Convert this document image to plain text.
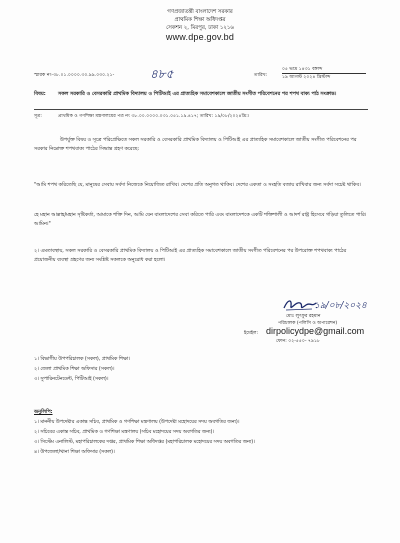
গণপ্রজাতন্ত্রী বাংলাদেশ সরকার
প্রাথমিক শিক্ষা অধিদপ্তর
সেকশন ২, মিরপুর, ঢাকা ১২১৬
www.dpe.gov.bd
স্মারক নং-৩৮.০১.০০০০.৩০.৯৯.০৩০.২১-	৪৮৫	তারিখ:
০৫ ভাদ্র ১৪৩১ বঙ্গাব্দ
১৯ আগস্ট ২০২৪ খ্রিস্টাব্দ
বিষয়:	সকল সরকারি ও বেসরকারি প্রাথমিক বিদ্যালয় ও পিটিআই এর প্রাত্যহিক সমাবেশকালে জাতীয় সংগীত পরিবেশনের পর শপথ বাক্য পাঠ সংক্রান্ত।
সূত্র:	প্রাথমিক ও গণশিক্ষা মন্ত্রণালয়ের পত্র নং ৩৮.০০.০০০০.০৩১.০৫১.১৯.৪১৭; তারিখ: ১৯/০৮/২০২৪খ্রি:।
উপর্যুক্ত বিষয় ও সূত্রে পরিপ্রেক্ষিতে সকল সরকারি ও বেসরকারি প্রাথমিক বিদ্যালয় ও পিটিআই এর প্রাত্যহিক সমাবেশকালে জাতীয় সংগীত পরিবেশনের পর সরকার নিম্নোক্ত শপথবাক্য পাঠের সিদ্ধান্ত গ্রহণ করেছে:
"আমি শপথ করিতেছি যে, মানুষের সেবায় সর্বদা নিজেকে নিয়োজিত রাখিব। দেশের প্রতি অনুগত থাকিব। দেশের একতা ও সংহতি বজায় রাখিবার জন্য সর্বদা সচেষ্ট থাকিব।
হে মহান আল্লাহ/মহান সৃষ্টিকর্তা, আমাকে শক্তি দিন, আমি যেন বাংলাদেশের সেবা করিতে পারি এবং বাংলাদেশকে একটি শক্তিশালী ও আদর্শ রাষ্ট্র হিসেবে গড়িয়া তুলিতে পারি। আমিন।"
২। এমতাবস্থায়, সকল সরকারি ও বেসরকারি প্রাথমিক বিদ্যালয় ও পিটিআই এর প্রাত্যহিক সমাবেশকালে জাতীয় সংগীত পরিবেশনের পর উপরোক্ত শপথবাক্য পাঠের প্রয়োজনীয় ব্যবস্থা গ্রহণের জন্য সংশ্লিষ্ট সকলকে অনুরোধ করা হলো।
১৯/০৮/২০২৪
মোঃ লুৎফুর রহমান
পরিচালক (পলিসি ও অপারেশন)
ইমেইল: dirpolicydpe@gmail.com
ফোন: ০২-৫৫০- ৭৯১৮
১। বিভাগীয় উপপরিচালক (সকল), প্রাথমিক শিক্ষা।
২। জেলা প্রাথমিক শিক্ষা অফিসার (সকল)।
৩। সুপারিনটেনডেন্ট, পিটিআই (সকল)।
অনুলিপি:
১। মাননীয় উপদেষ্টার একান্ত সচিব, প্রাথমিক ও গণশিক্ষা মন্ত্রণালয় (উপদেষ্টা মহোদয়ের সদয় অবগতির জন্য)।
২। সচিবের একান্ত সচিব, প্রাথমিক ও গণশিক্ষা মন্ত্রণালয় (সচিব মহোদয়ের সদয় অবগতির জন্য)।
৩। সিস্টেম এনালিস্ট, মহাপরিচালকের দপ্তর, প্রাথমিক শিক্ষা অধিদপ্তর (মহাপরিচালক মহোদয়ের সদয় অবগতির জন্য)।
৪। উপজেলা/থানা শিক্ষা অফিসার (সকল)।
